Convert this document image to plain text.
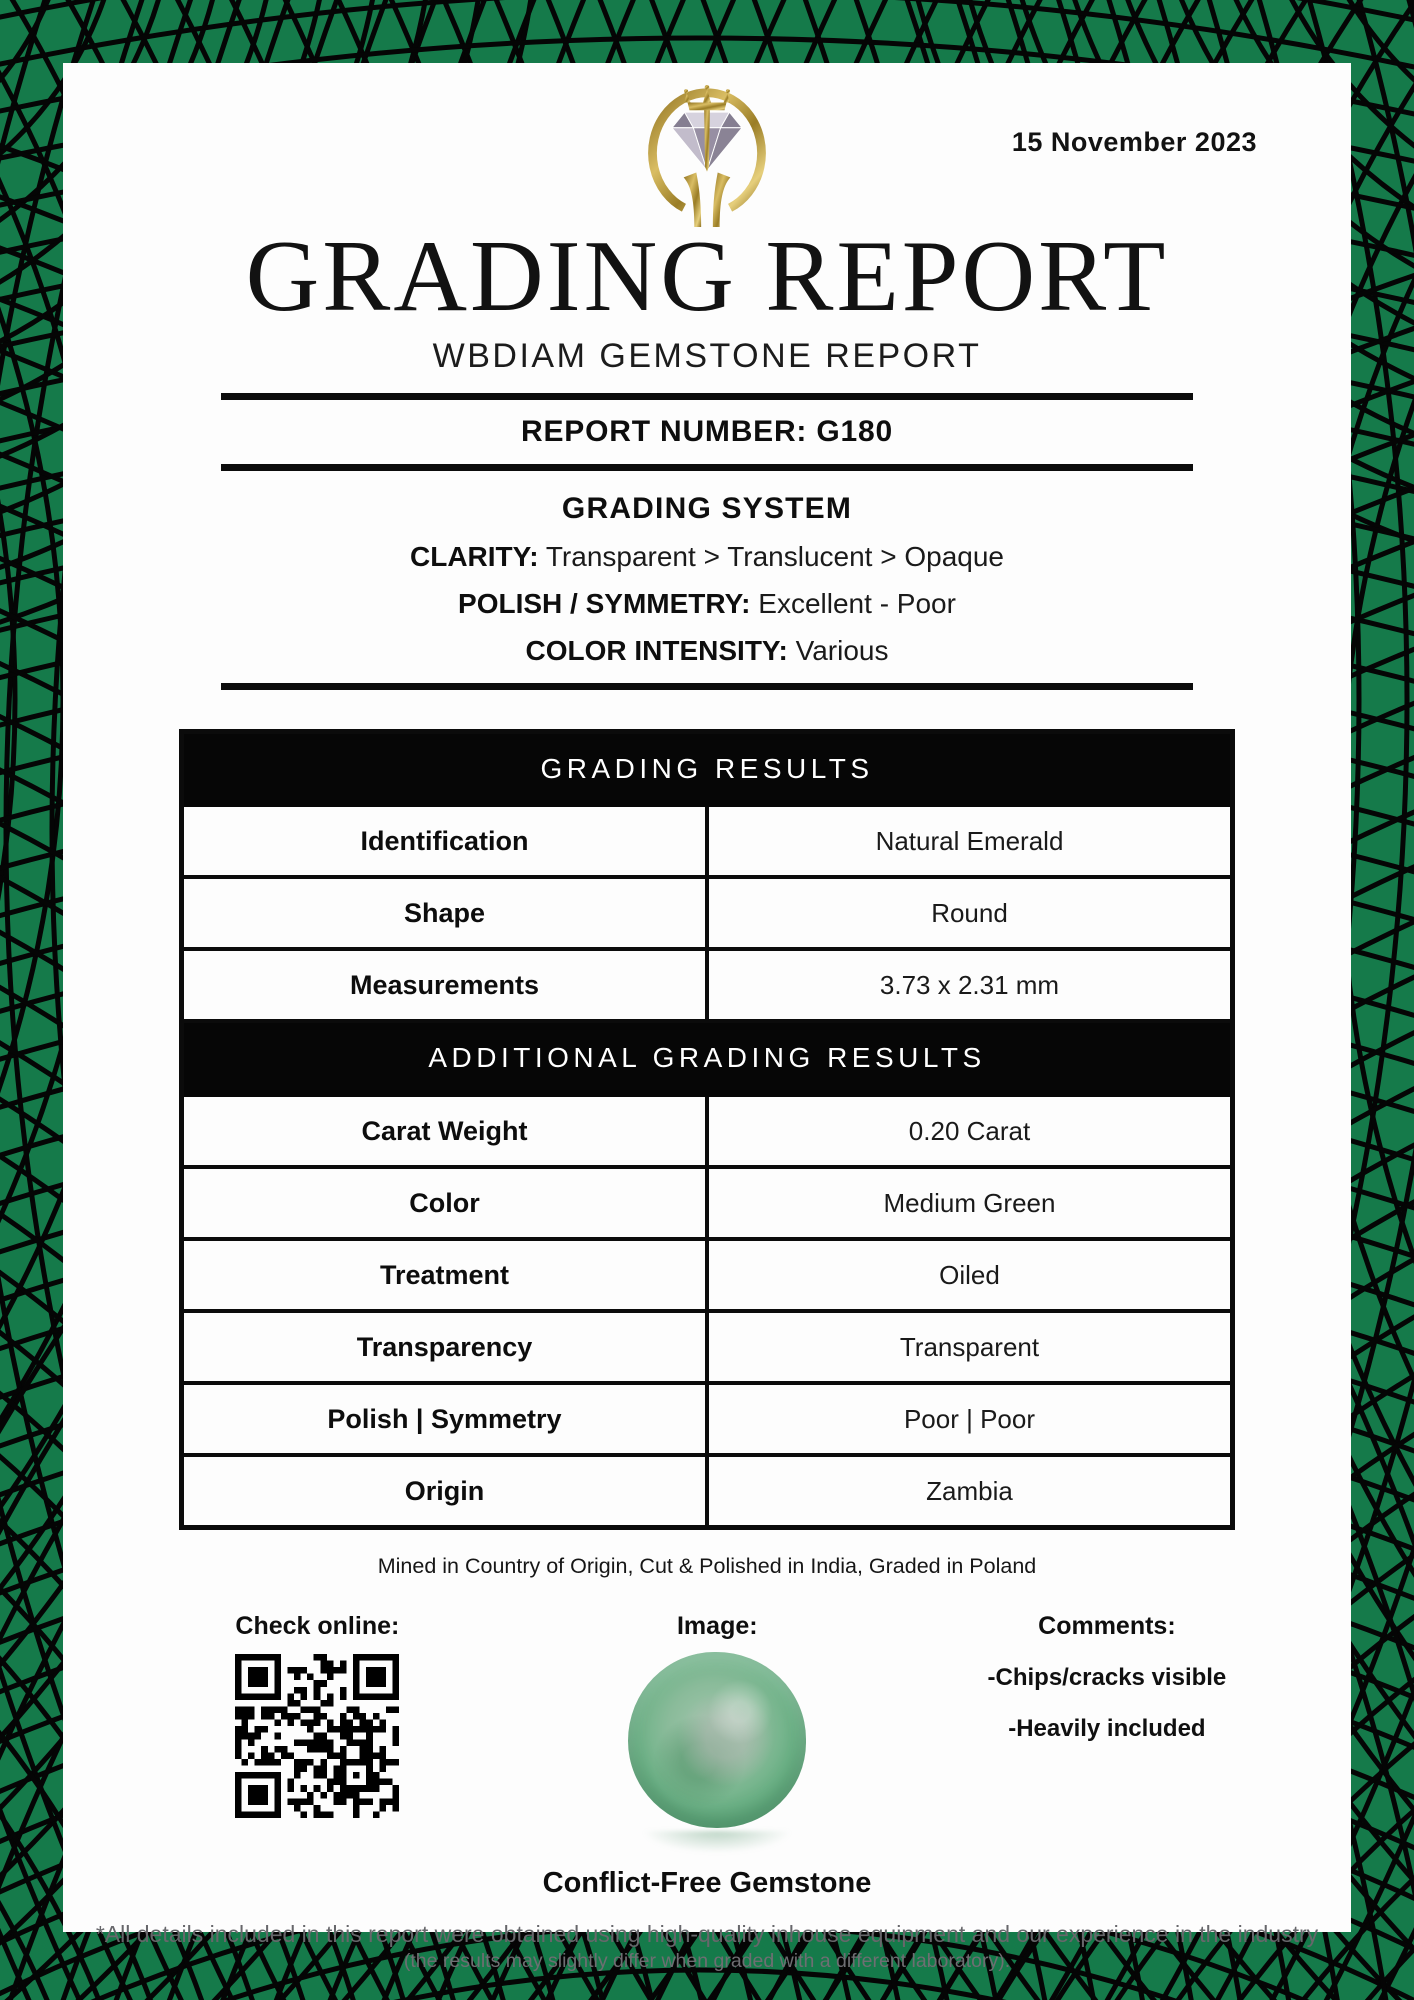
15 November 2023
GRADING REPORT
WBDIAM GEMSTONE REPORT
REPORT NUMBER: G180
GRADING SYSTEM
CLARITY: Transparent > Translucent > Opaque
POLISH / SYMMETRY: Excellent - Poor
COLOR INTENSITY: Various
GRADING RESULTS	
Identification	Natural Emerald
Shape	Round
Measurements	3.73 x 2.31 mm
ADDITIONAL GRADING RESULTS	
Carat Weight	0.20 Carat
Color	Medium Green
Treatment	Oiled
Transparency	Transparent
Polish | Symmetry	Poor | Poor
Origin	Zambia
Mined in Country of Origin, Cut & Polished in India, Graded in Poland
Check online:	Image:	Comments:
-Chips/cracks visible
-Heavily included
Conflict-Free Gemstone
*All details included in this report were obtained using high-quality inhouse equipment and our experience in the industry
(the results may slightly differ when graded with a different laboratory).
